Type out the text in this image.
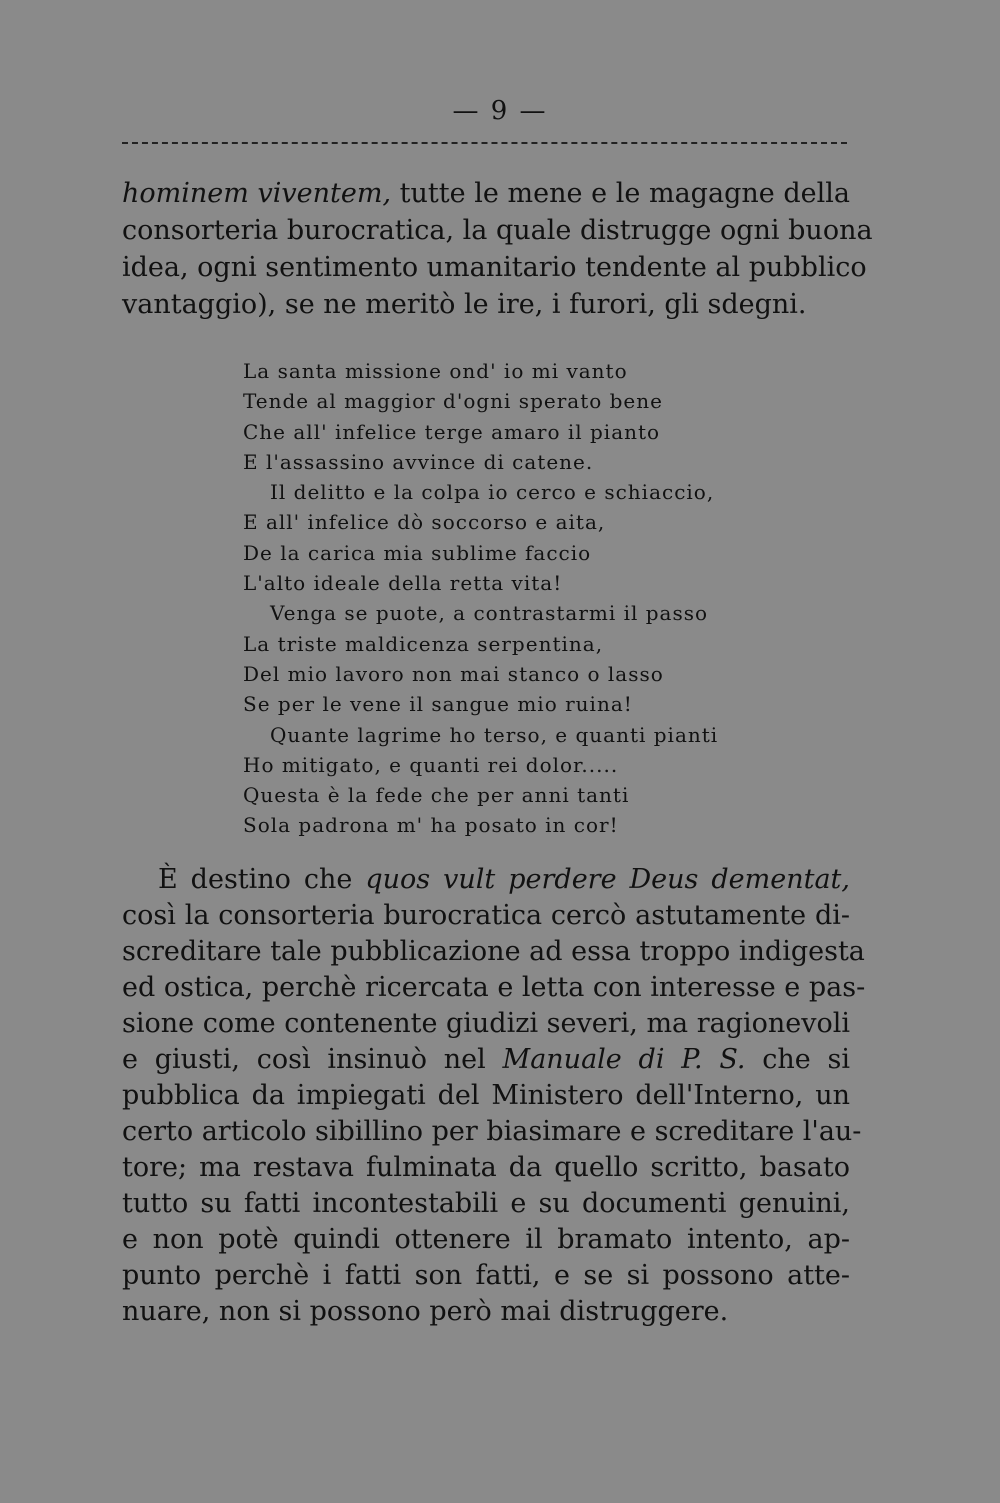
— 9 —
hominem viventem, tutte le mene e le magagne della
consorteria burocratica, la quale distrugge ogni buona
idea, ogni sentimento umanitario tendente al pubblico
vantaggio), se ne meritò le ire, i furori, gli sdegni.
La santa missione ond' io mi vanto
Tende al maggior d'ogni sperato bene
Che all' infelice terge amaro il pianto
E l'assassino avvince di catene.
Il delitto e la colpa io cerco e schiaccio,
E all' infelice dò soccorso e aita,
De la carica mia sublime faccio
L'alto ideale della retta vita!
Venga se puote, a contrastarmi il passo
La triste maldicenza serpentina,
Del mio lavoro non mai stanco o lasso
Se per le vene il sangue mio ruina!
Quante lagrime ho terso, e quanti pianti
Ho mitigato, e quanti rei dolor.....
Questa è la fede che per anni tanti
Sola padrona m' ha posato in cor!
È destino che quos vult perdere Deus dementat,
così la consorteria burocratica cercò astutamente di-
screditare tale pubblicazione ad essa troppo indigesta
ed ostica, perchè ricercata e letta con interesse e pas-
sione come contenente giudizi severi, ma ragionevoli
e giusti, così insinuò nel Manuale di P. S. che si
pubblica da impiegati del Ministero dell'Interno, un
certo articolo sibillino per biasimare e screditare l'au-
tore; ma restava fulminata da quello scritto, basato
tutto su fatti incontestabili e su documenti genuini,
e non potè quindi ottenere il bramato intento, ap-
punto perchè i fatti son fatti, e se si possono atte-
nuare, non si possono però mai distruggere.
